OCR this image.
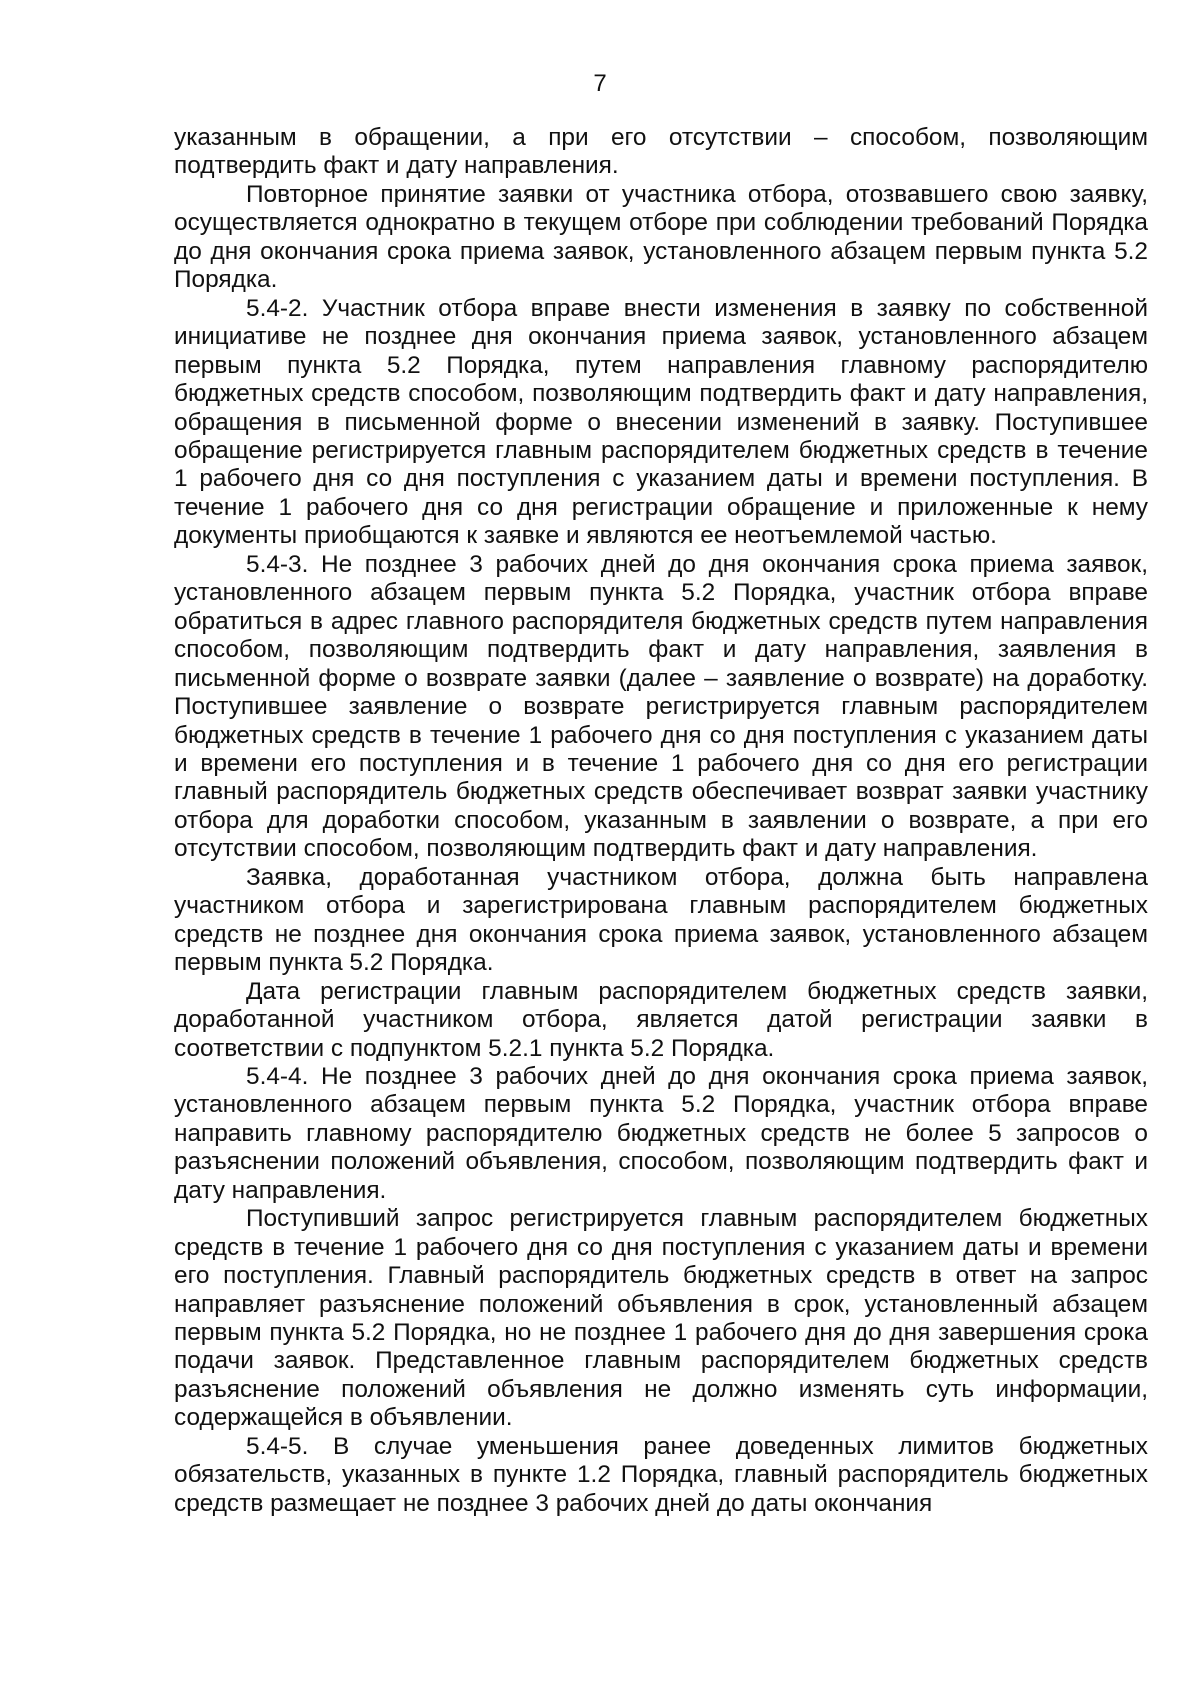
7

указанным в обращении, а при его отсутствии – способом, позволяющим подтвердить факт и дату направления.

Повторное принятие заявки от участника отбора, отозвавшего свою заявку, осуществляется однократно в текущем отборе при соблюдении требований Порядка до дня окончания срока приема заявок, установленного абзацем первым пункта 5.2 Порядка.

5.4-2. Участник отбора вправе внести изменения в заявку по собственной инициативе не позднее дня окончания приема заявок, установленного абзацем первым пункта 5.2 Порядка, путем направления главному распорядителю бюджетных средств способом, позволяющим подтвердить факт и дату направления, обращения в письменной форме о внесении изменений в заявку. Поступившее обращение регистрируется главным распорядителем бюджетных средств в течение 1 рабочего дня со дня поступления с указанием даты и времени поступления. В течение 1 рабочего дня со дня регистрации обращение и приложенные к нему документы приобщаются к заявке и являются ее неотъемлемой частью.

5.4-3. Не позднее 3 рабочих дней до дня окончания срока приема заявок, установленного абзацем первым пункта 5.2 Порядка, участник отбора вправе обратиться в адрес главного распорядителя бюджетных средств путем направления способом, позволяющим подтвердить факт и дату направления, заявления в письменной форме о возврате заявки (далее – заявление о возврате) на доработку. Поступившее заявление о возврате регистрируется главным распорядителем бюджетных средств в течение 1 рабочего дня со дня поступления с указанием даты и времени его поступления и в течение 1 рабочего дня со дня его регистрации главный распорядитель бюджетных средств обеспечивает возврат заявки участнику отбора для доработки способом, указанным в заявлении о возврате, а при его отсутствии способом, позволяющим подтвердить факт и дату направления.

Заявка, доработанная участником отбора, должна быть направлена участником отбора и зарегистрирована главным распорядителем бюджетных средств не позднее дня окончания срока приема заявок, установленного абзацем первым пункта 5.2 Порядка.

Дата регистрации главным распорядителем бюджетных средств заявки, доработанной участником отбора, является датой регистрации заявки в соответствии с подпунктом 5.2.1 пункта 5.2 Порядка.

5.4-4. Не позднее 3 рабочих дней до дня окончания срока приема заявок, установленного абзацем первым пункта 5.2 Порядка, участник отбора вправе направить главному распорядителю бюджетных средств не более 5 запросов о разъяснении положений объявления, способом, позволяющим подтвердить факт и дату направления.

Поступивший запрос регистрируется главным распорядителем бюджетных средств в течение 1 рабочего дня со дня поступления с указанием даты и времени его поступления. Главный распорядитель бюджетных средств в ответ на запрос направляет разъяснение положений объявления в срок, установленный абзацем первым пункта 5.2 Порядка, но не позднее 1 рабочего дня до дня завершения срока подачи заявок. Представленное главным распорядителем бюджетных средств разъяснение положений объявления не должно изменять суть информации, содержащейся в объявлении.

5.4-5. В случае уменьшения ранее доведенных лимитов бюджетных обязательств, указанных в пункте 1.2 Порядка, главный распорядитель бюджетных средств размещает не позднее 3 рабочих дней до даты окончания
